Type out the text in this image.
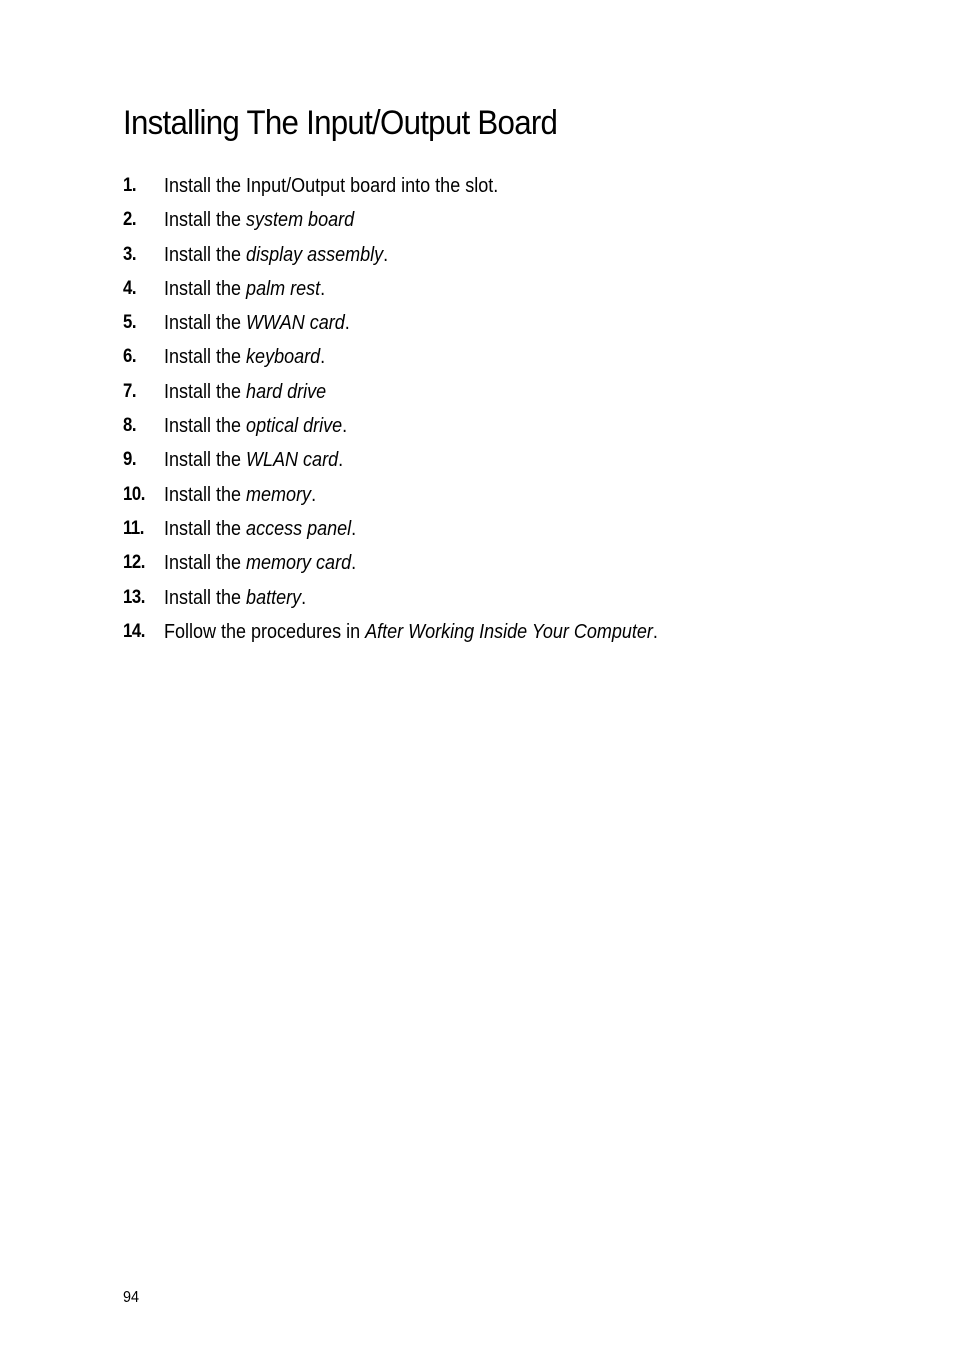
Installing The Input/Output Board
1. Install the Input/Output board into the slot.
2. Install the system board
3. Install the display assembly.
4. Install the palm rest.
5. Install the WWAN card.
6. Install the keyboard.
7. Install the hard drive
8. Install the optical drive.
9. Install the WLAN card.
10. Install the memory.
11. Install the access panel.
12. Install the memory card.
13. Install the battery.
14. Follow the procedures in After Working Inside Your Computer.
94
